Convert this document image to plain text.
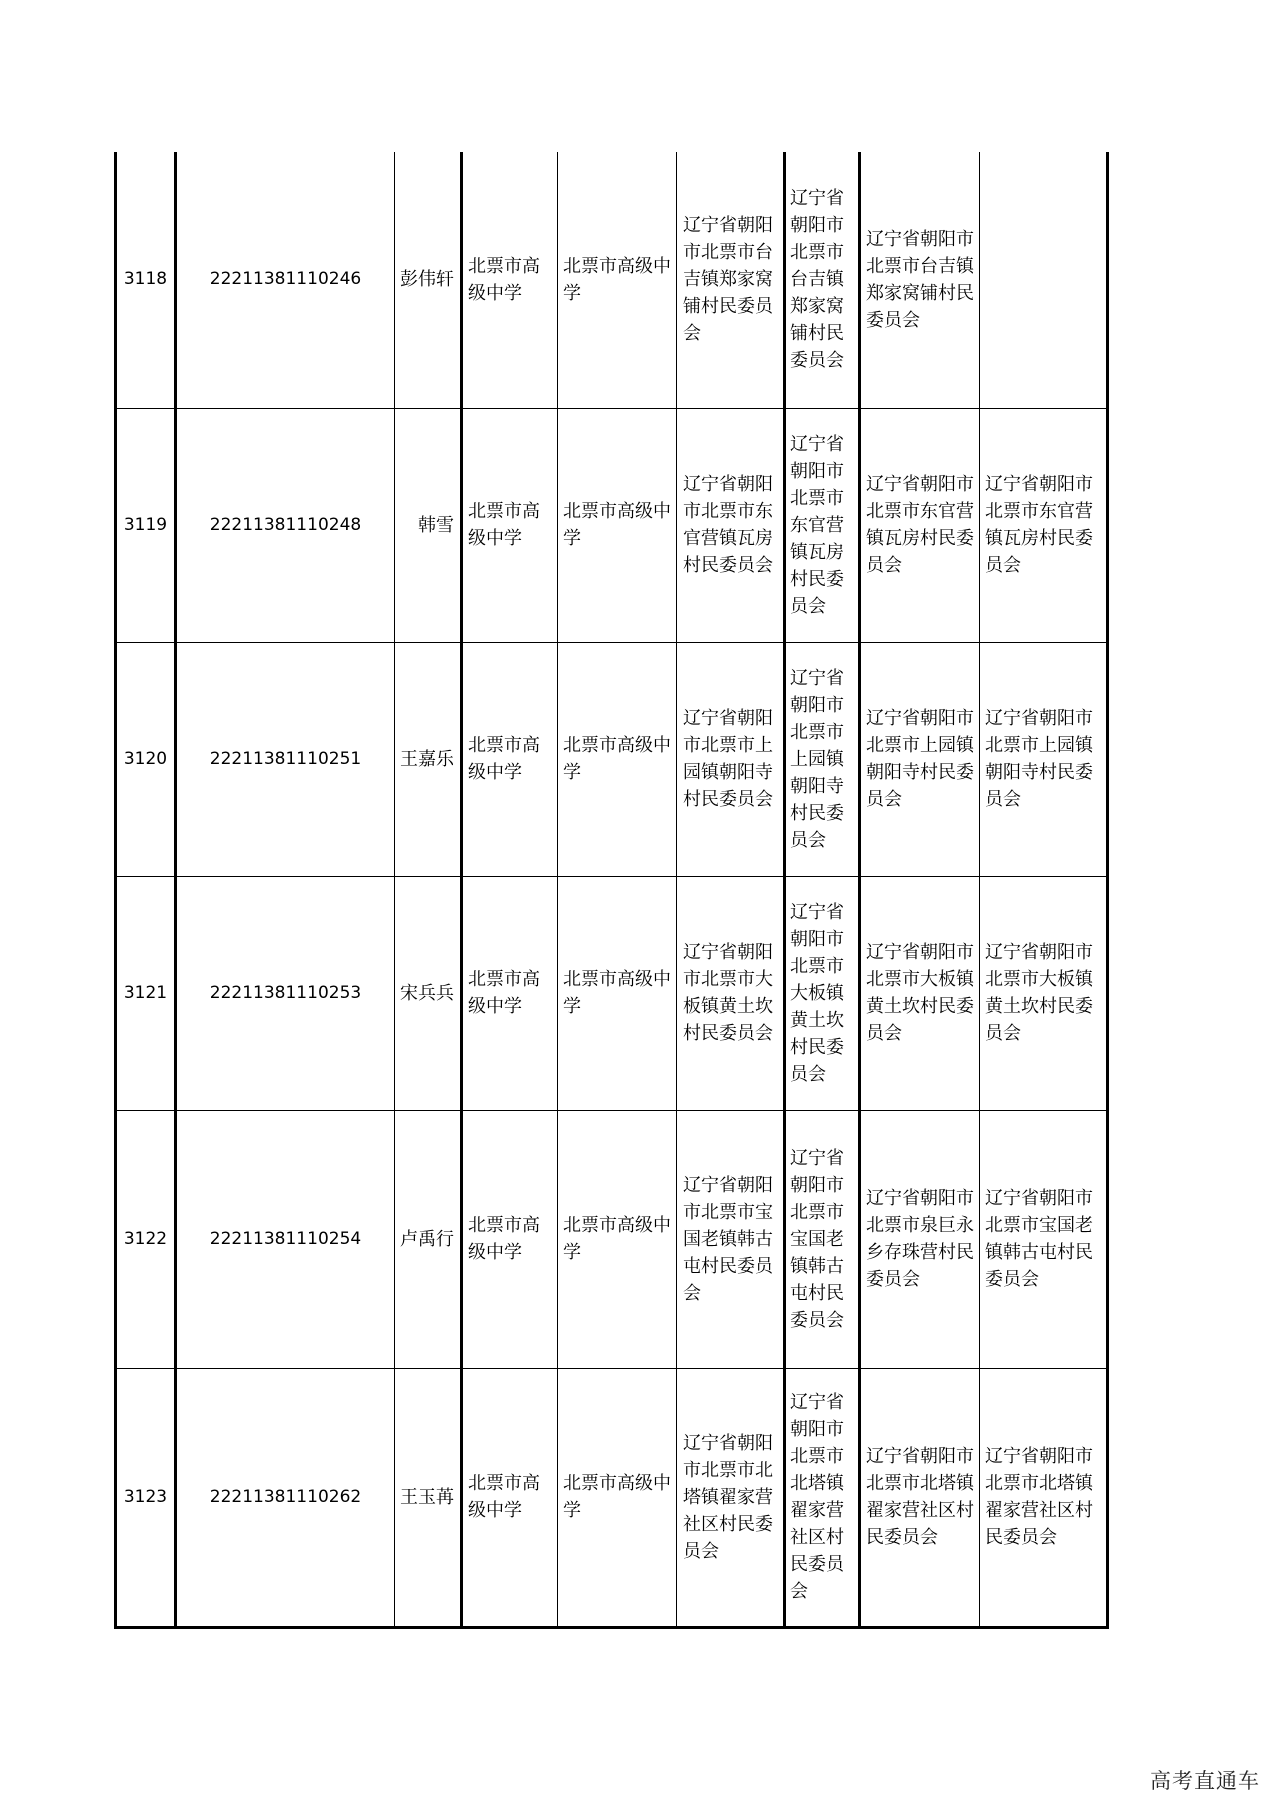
3118	22211381110246	彭伟轩	北票市高级中学	北票市高级中学	辽宁省朝阳市北票市台吉镇郑家窝铺村民委员会	辽宁省朝阳市北票市台吉镇郑家窝铺村民委员会	辽宁省朝阳市北票市台吉镇郑家窝铺村民委员会	
3119	22211381110248	韩雪	北票市高级中学	北票市高级中学	辽宁省朝阳市北票市东官营镇瓦房村民委员会	辽宁省朝阳市北票市东官营镇瓦房村民委员会	辽宁省朝阳市北票市东官营镇瓦房村民委员会	辽宁省朝阳市北票市东官营镇瓦房村民委员会
3120	22211381110251	王嘉乐	北票市高级中学	北票市高级中学	辽宁省朝阳市北票市上园镇朝阳寺村民委员会	辽宁省朝阳市北票市上园镇朝阳寺村民委员会	辽宁省朝阳市北票市上园镇朝阳寺村民委员会	辽宁省朝阳市北票市上园镇朝阳寺村民委员会
3121	22211381110253	宋兵兵	北票市高级中学	北票市高级中学	辽宁省朝阳市北票市大板镇黄土坎村民委员会	辽宁省朝阳市北票市大板镇黄土坎村民委员会	辽宁省朝阳市北票市大板镇黄土坎村民委员会	辽宁省朝阳市北票市大板镇黄土坎村民委员会
3122	22211381110254	卢禹行	北票市高级中学	北票市高级中学	辽宁省朝阳市北票市宝国老镇韩古屯村民委员会	辽宁省朝阳市北票市宝国老镇韩古屯村民委员会	辽宁省朝阳市北票市泉巨永乡存珠营村民委员会	辽宁省朝阳市北票市宝国老镇韩古屯村民委员会
3123	22211381110262	王玉苒	北票市高级中学	北票市高级中学	辽宁省朝阳市北票市北塔镇翟家营社区村民委员会	辽宁省朝阳市北票市北塔镇翟家营社区村民委员会	辽宁省朝阳市北票市北塔镇翟家营社区村民委员会	辽宁省朝阳市北票市北塔镇翟家营社区村民委员会
高考直通车
